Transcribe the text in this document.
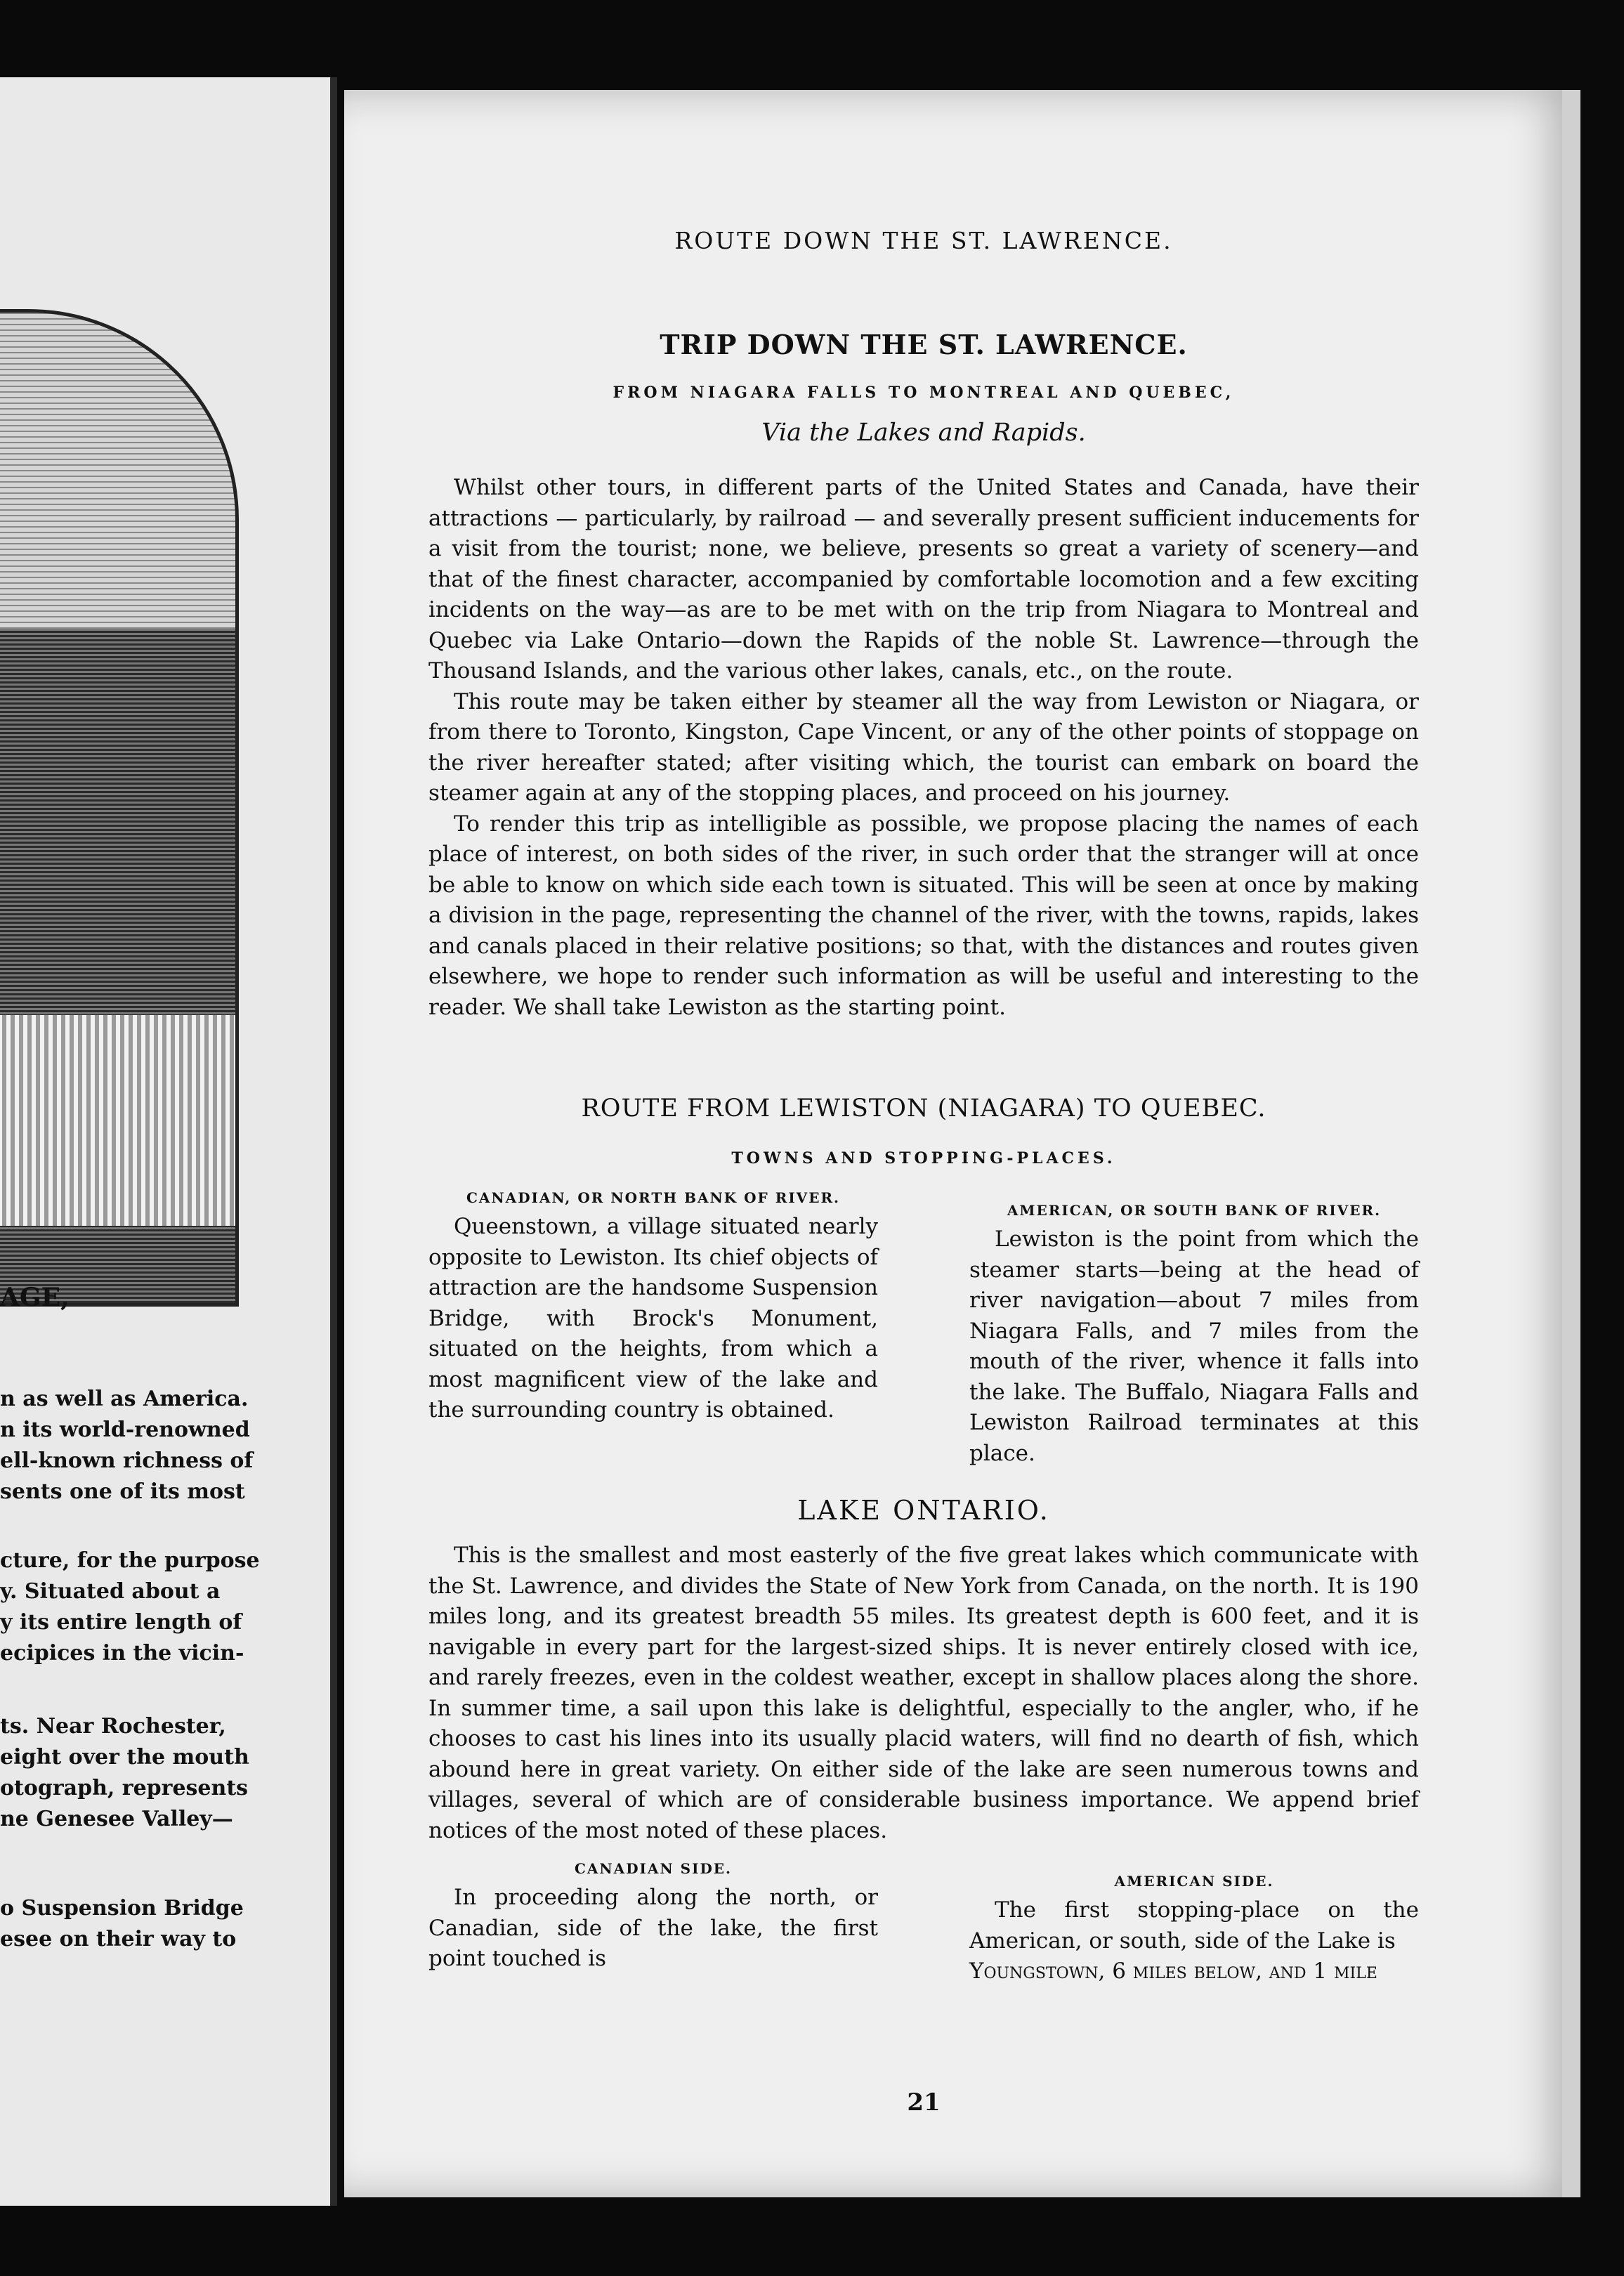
AGE,
n as well as America.
n its world-renowned
ell-known richness of
sents one of its most
cture, for the purpose
y. Situated about a
y its entire length of
ecipices in the vicin-
ts. Near Rochester,
eight over the mouth
otograph, represents
ne Genesee Valley—
o Suspension Bridge
esee on their way to
ROUTE DOWN THE ST. LAWRENCE.
TRIP DOWN THE ST. LAWRENCE.
FROM NIAGARA FALLS TO MONTREAL AND QUEBEC,
Via the Lakes and Rapids.

Whilst other tours, in different parts of the United States and Canada, have their attractions — particularly, by railroad — and severally present sufficient inducements for a visit from the tourist; none, we believe, presents so great a variety of scenery—and that of the finest character, accompanied by comfortable locomotion and a few exciting incidents on the way—as are to be met with on the trip from Niagara to Montreal and Quebec via Lake Ontario—down the Rapids of the noble St. Lawrence—through the Thousand Islands, and the various other lakes, canals, etc., on the route.

This route may be taken either by steamer all the way from Lewiston or Niagara, or from there to Toronto, Kingston, Cape Vincent, or any of the other points of stoppage on the river hereafter stated; after visiting which, the tourist can embark on board the steamer again at any of the stopping places, and proceed on his journey.

To render this trip as intelligible as possible, we propose placing the names of each place of interest, on both sides of the river, in such order that the stranger will at once be able to know on which side each town is situated. This will be seen at once by making a division in the page, representing the channel of the river, with the towns, rapids, lakes and canals placed in their relative positions; so that, with the distances and routes given elsewhere, we hope to render such information as will be useful and interesting to the reader. We shall take Lewiston as the starting point.

ROUTE FROM LEWISTON (NIAGARA) TO QUEBEC.
TOWNS AND STOPPING-PLACES.
CANADIAN, OR NORTH BANK OF RIVER.

Queenstown, a village situated nearly opposite to Lewiston. Its chief objects of attraction are the handsome Suspension Bridge, with Brock's Monument, situated on the heights, from which a most magnificent view of the lake and the surrounding country is obtained.

AMERICAN, OR SOUTH BANK OF RIVER.

Lewiston is the point from which the steamer starts—being at the head of river navigation—about 7 miles from Niagara Falls, and 7 miles from the mouth of the river, whence it falls into the lake. The Buffalo, Niagara Falls and Lewiston Railroad terminates at this place.

LAKE ONTARIO.

This is the smallest and most easterly of the five great lakes which communicate with the St. Lawrence, and divides the State of New York from Canada, on the north. It is 190 miles long, and its greatest breadth 55 miles. Its greatest depth is 600 feet, and it is navigable in every part for the largest-sized ships. It is never entirely closed with ice, and rarely freezes, even in the coldest weather, except in shallow places along the shore. In summer time, a sail upon this lake is delightful, especially to the angler, who, if he chooses to cast his lines into its usually placid waters, will find no dearth of fish, which abound here in great variety. On either side of the lake are seen numerous towns and villages, several of which are of considerable business importance. We append brief notices of the most noted of these places.

CANADIAN SIDE.

In proceeding along the north, or Canadian, side of the lake, the first point touched is

AMERICAN SIDE.

The first stopping-place on the American, or south, side of the Lake is

Youngstown, 6 miles below, and 1 mile

21
